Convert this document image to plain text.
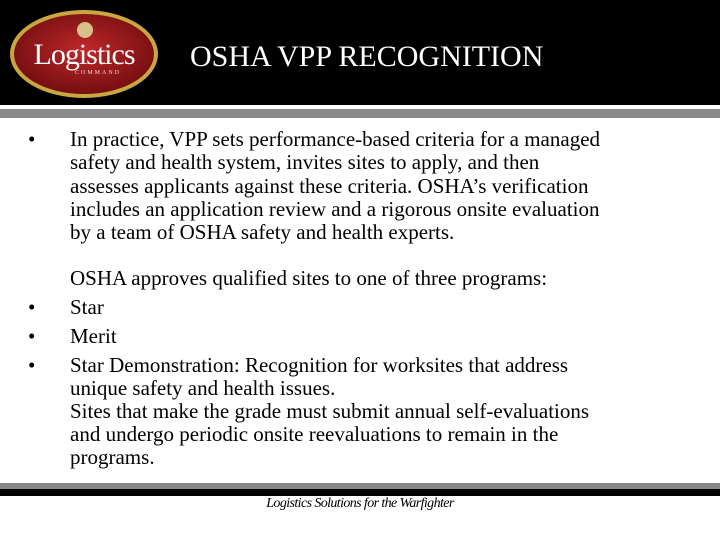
Logistics
COMMAND OSHA VPP RECOGNITION
• In practice, VPP sets performance-based criteria for a managed
safety and health system, invites sites to apply, and then
assesses applicants against these criteria. OSHA’s verification
includes an application review and a rigorous onsite evaluation
by a team of OSHA safety and health experts.
OSHA approves qualified sites to one of three programs:
• Star
• Merit
• Star Demonstration: Recognition for worksites that address
unique safety and health issues.
Sites that make the grade must submit annual self-evaluations
and undergo periodic onsite reevaluations to remain in the
programs.
Logistics Solutions for the Warfighter
